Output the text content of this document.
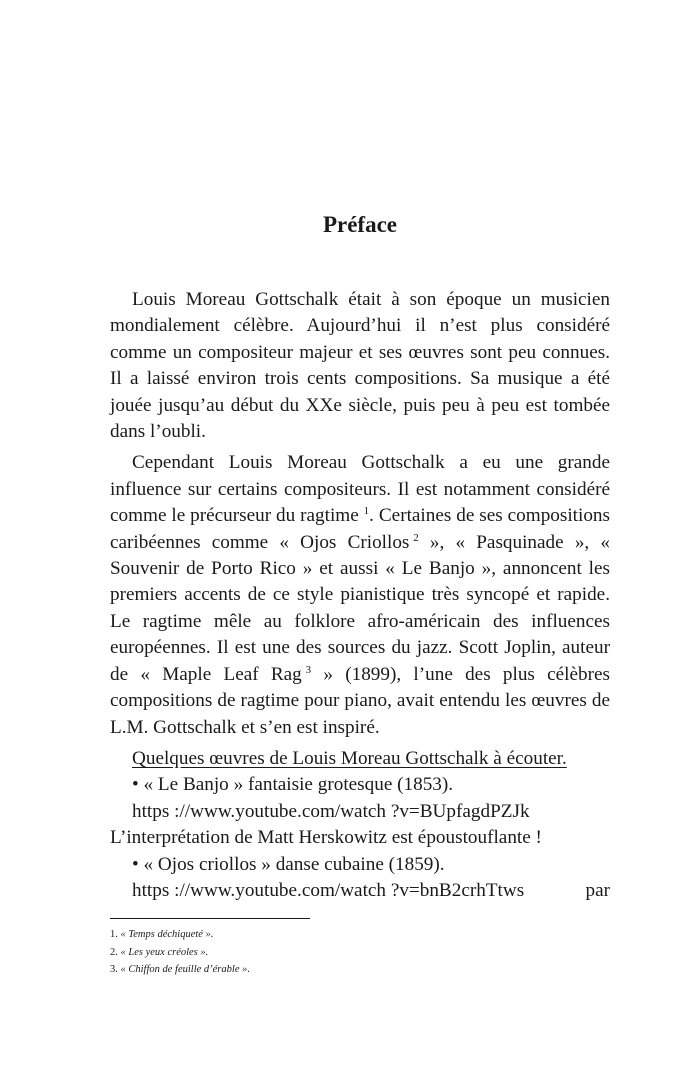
Préface

Louis Moreau Gottschalk était à son époque un musicien mondialement célèbre. Aujourd’hui il n’est plus considéré comme un compositeur majeur et ses œuvres sont peu connues. Il a laissé environ trois cents compositions. Sa musique a été jouée jusqu’au début du XXe siècle, puis peu à peu est tombée dans l’oubli.

Cependant Louis Moreau Gottschalk a eu une grande influence sur certains compositeurs. Il est notamment considéré comme le précurseur du ragtime $^1$. Certaines de ses compositions caribéennes comme « Ojos Criollos  $^2$ », « Pasquinade », « Souvenir de Porto Rico » et aussi « Le Banjo », annoncent les premiers accents de ce style pianistique très syncopé et rapide. Le ragtime mêle au folklore afro-américain des influences européennes. Il est une des sources du jazz. Scott Joplin, auteur de « Maple Leaf Rag  $^3$ » (1899), l’une des plus célèbres compositions de ragtime pour piano, avait entendu les œuvres de L.M. Gottschalk et s’en est inspiré.

Quelques œuvres de Louis Moreau Gottschalk à écouter.
• « Le Banjo » fantaisie grotesque (1853).
https ://www.youtube.com/watch ?v=BUpfagdPZJk
L’interprétation de Matt Herskowitz est époustouflante !
• « Ojos criollos » danse cubaine (1859).
https ://www.youtube.com/watch ?v=bnB2crhTtws	par
1. « Temps déchiqueté ».
2. « Les yeux créoles ».
3. « Chiffon de feuille d’érable ».
